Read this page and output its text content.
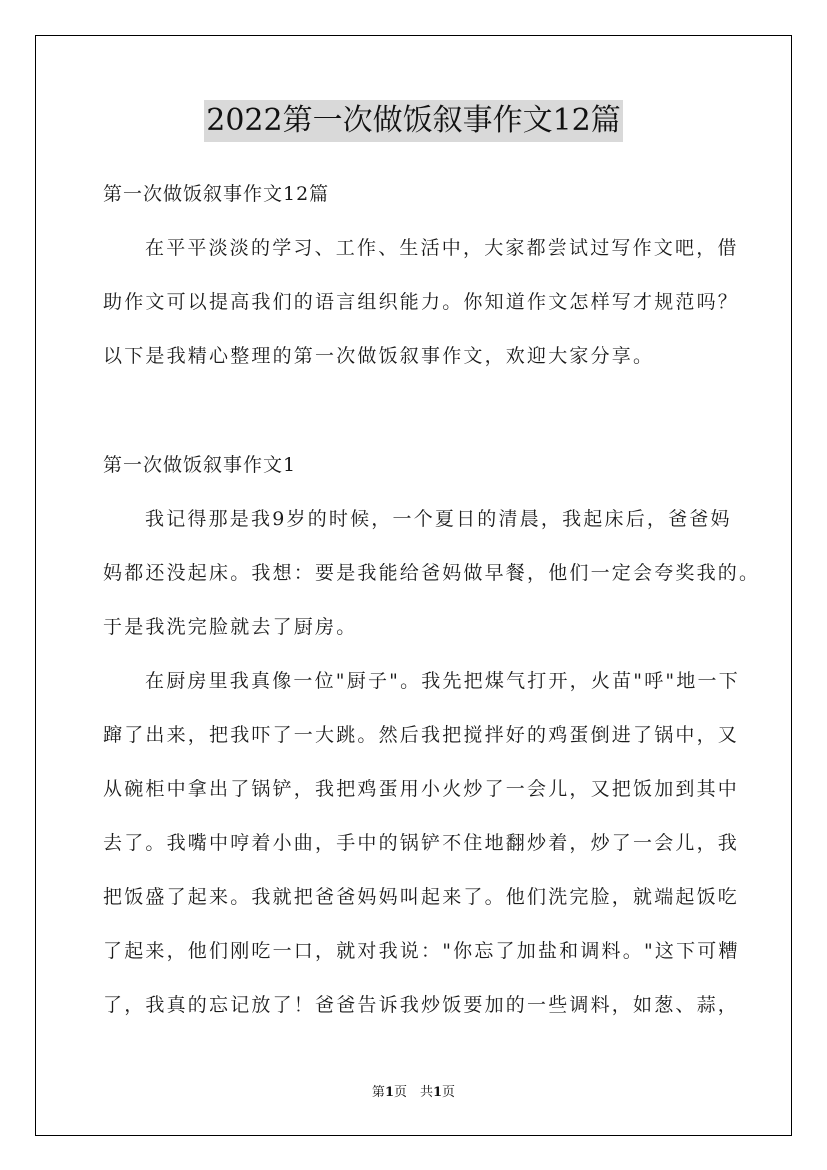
2022第一次做饭叙事作文12篇
第一次做饭叙事作文12篇
在平平淡淡的学习、工作、生活中，大家都尝试过写作文吧，借
助作文可以提高我们的语言组织能力。你知道作文怎样写才规范吗？
以下是我精心整理的第一次做饭叙事作文，欢迎大家分享。
第一次做饭叙事作文1
我记得那是我9岁的时候，一个夏日的清晨，我起床后，爸爸妈
妈都还没起床。我想：要是我能给爸妈做早餐，他们一定会夸奖我的。
于是我洗完脸就去了厨房。
在厨房里我真像一位"厨子"。我先把煤气打开，火苗"呼"地一下
蹿了出来，把我吓了一大跳。然后我把搅拌好的鸡蛋倒进了锅中，又
从碗柜中拿出了锅铲，我把鸡蛋用小火炒了一会儿，又把饭加到其中
去了。我嘴中哼着小曲，手中的锅铲不住地翻炒着，炒了一会儿，我
把饭盛了起来。我就把爸爸妈妈叫起来了。他们洗完脸，就端起饭吃
了起来，他们刚吃一口，就对我说："你忘了加盐和调料。"这下可糟
了，我真的忘记放了！爸爸告诉我炒饭要加的一些调料，如葱、蒜，
第1页　共1页
